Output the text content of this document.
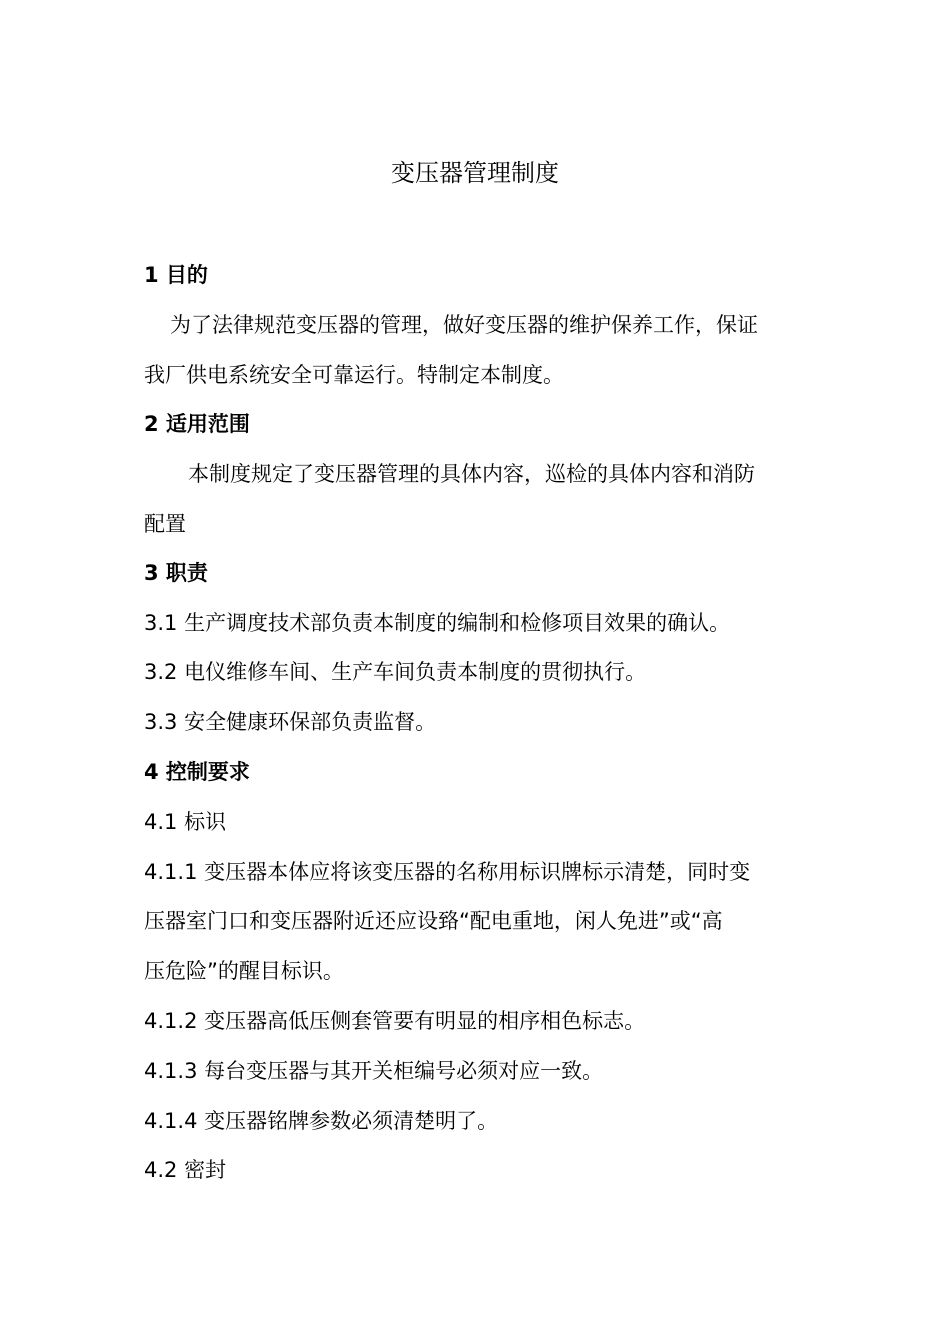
变压器管理制度
1 目的
为了法律规范变压器的管理，做好变压器的维护保养工作，保证
我厂供电系统安全可靠运行。特制定本制度。
2 适用范围
本制度规定了变压器管理的具体内容，巡检的具体内容和消防
配置
3 职责
3.1 生产调度技术部负责本制度的编制和检修项目效果的确认。
3.2 电仪维修车间、生产车间负责本制度的贯彻执行。
3.3 安全健康环保部负责监督。
4 控制要求
4.1 标识
4.1.1 变压器本体应将该变压器的名称用标识牌标示清楚，同时变
压器室门口和变压器附近还应设臵“配电重地，闲人免进”或“高
压危险”的醒目标识。
4.1.2 变压器高低压侧套管要有明显的相序相色标志。
4.1.3 每台变压器与其开关柜编号必须对应一致。
4.1.4 变压器铭牌参数必须清楚明了。
4.2 密封
